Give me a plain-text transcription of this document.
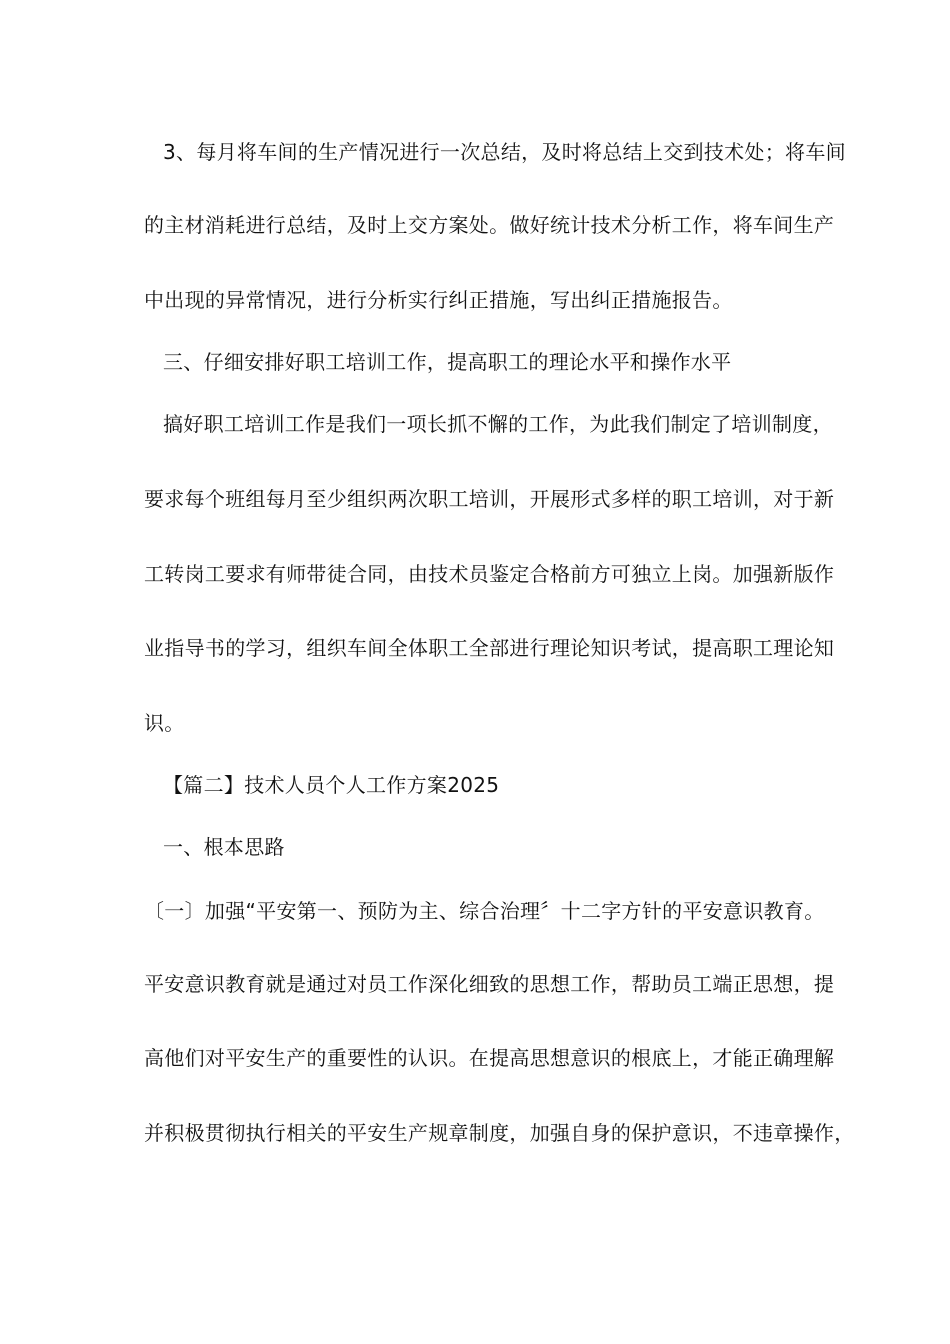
3、每月将车间的生产情况进行一次总结，及时将总结上交到技术处；将车间
的主材消耗进行总结，及时上交方案处。做好统计技术分析工作，将车间生产
中出现的异常情况，进行分析实行纠正措施，写出纠正措施报告。
三、仔细安排好职工培训工作，提高职工的理论水平和操作水平
搞好职工培训工作是我们一项长抓不懈的工作，为此我们制定了培训制度，
要求每个班组每月至少组织两次职工培训，开展形式多样的职工培训，对于新
工转岗工要求有师带徒合同，由技术员鉴定合格前方可独立上岗。加强新版作
业指导书的学习，组织车间全体职工全部进行理论知识考试，提高职工理论知
识。
【篇二】技术人员个人工作方案2025
一、根本思路
〔一〕加强“平安第一、预防为主、综合治理〞十二字方针的平安意识教育。
平安意识教育就是通过对员工作深化细致的思想工作，帮助员工端正思想，提
高他们对平安生产的重要性的认识。在提高思想意识的根底上，才能正确理解
并积极贯彻执行相关的平安生产规章制度，加强自身的保护意识，不违章操作，
